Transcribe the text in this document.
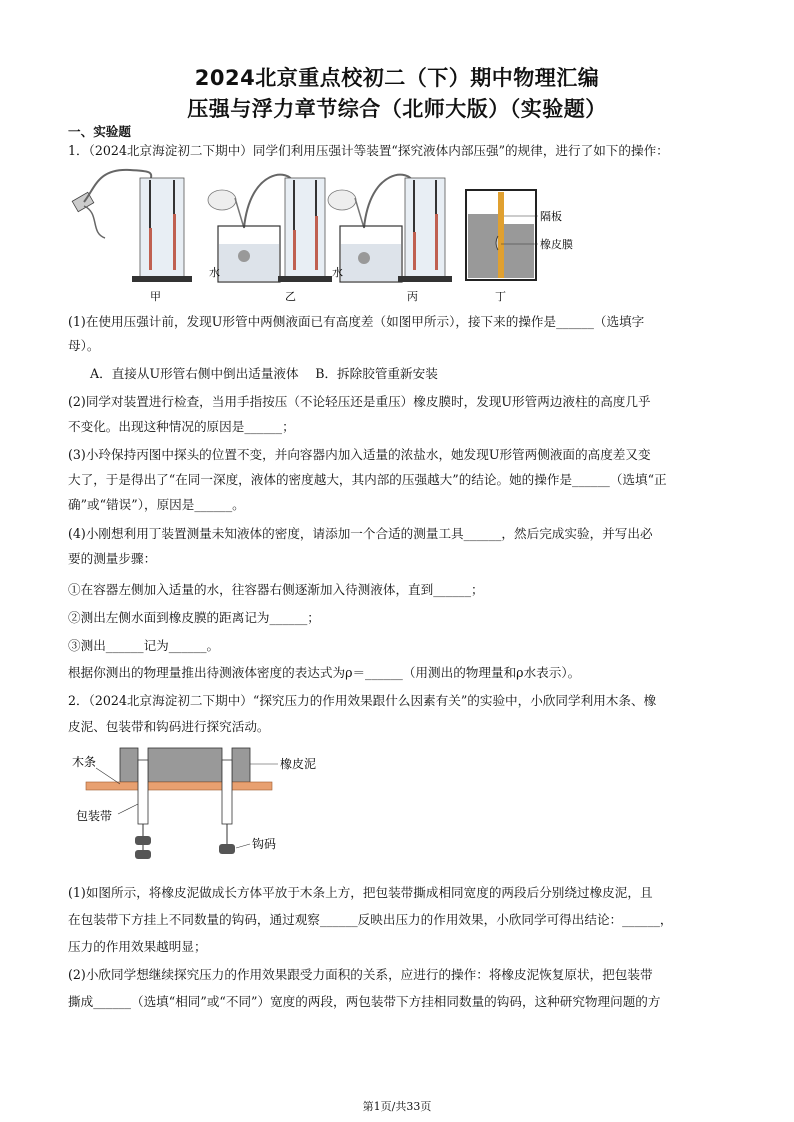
2024北京重点校初二（下）期中物理汇编
压强与浮力章节综合（北师大版）（实验题）
一、实验题
1．（2024北京海淀初二下期中）同学们利用压强计等装置“探究液体内部压强”的规律，进行了如下的操作：
甲
水
乙
水
丙
隔板
橡皮膜
丁
(1)在使用压强计前，发现U形管中两侧液面已有高度差（如图甲所示），接下来的操作是______（选填字
母）。
A．直接从U形管右侧中倒出适量液体　 B．拆除胶管重新安装
(2)同学对装置进行检查，当用手指按压（不论轻压还是重压）橡皮膜时，发现U形管两边液柱的高度几乎
不变化。出现这种情况的原因是______；
(3)小玲保持丙图中探头的位置不变，并向容器内加入适量的浓盐水，她发现U形管两侧液面的高度差又变
大了，于是得出了“在同一深度，液体的密度越大，其内部的压强越大”的结论。她的操作是______（选填“正
确”或“错误”），原因是______。
(4)小刚想利用丁装置测量未知液体的密度，请添加一个合适的测量工具______，然后完成实验，并写出必
要的测量步骤：
①在容器左侧加入适量的水，往容器右侧逐渐加入待测液体，直到______；
②测出左侧水面到橡皮膜的距离记为______；
③测出______记为______。
根据你测出的物理量推出待测液体密度的表达式为ρ＝______（用测出的物理量和ρ水表示）。
2．（2024北京海淀初二下期中）“探究压力的作用效果跟什么因素有关”的实验中，小欣同学利用木条、橡
皮泥、包装带和钩码进行探究活动。
木条	橡皮泥
包装带
钩码
(1)如图所示，将橡皮泥做成长方体平放于木条上方，把包装带撕成相同宽度的两段后分别绕过橡皮泥，且
在包装带下方挂上不同数量的钩码，通过观察______反映出压力的作用效果，小欣同学可得出结论：______，
压力的作用效果越明显；
(2)小欣同学想继续探究压力的作用效果跟受力面积的关系，应进行的操作：将橡皮泥恢复原状，把包装带
撕成______（选填“相同”或“不同”）宽度的两段，两包装带下方挂相同数量的钩码，这种研究物理问题的方
第1页/共33页
